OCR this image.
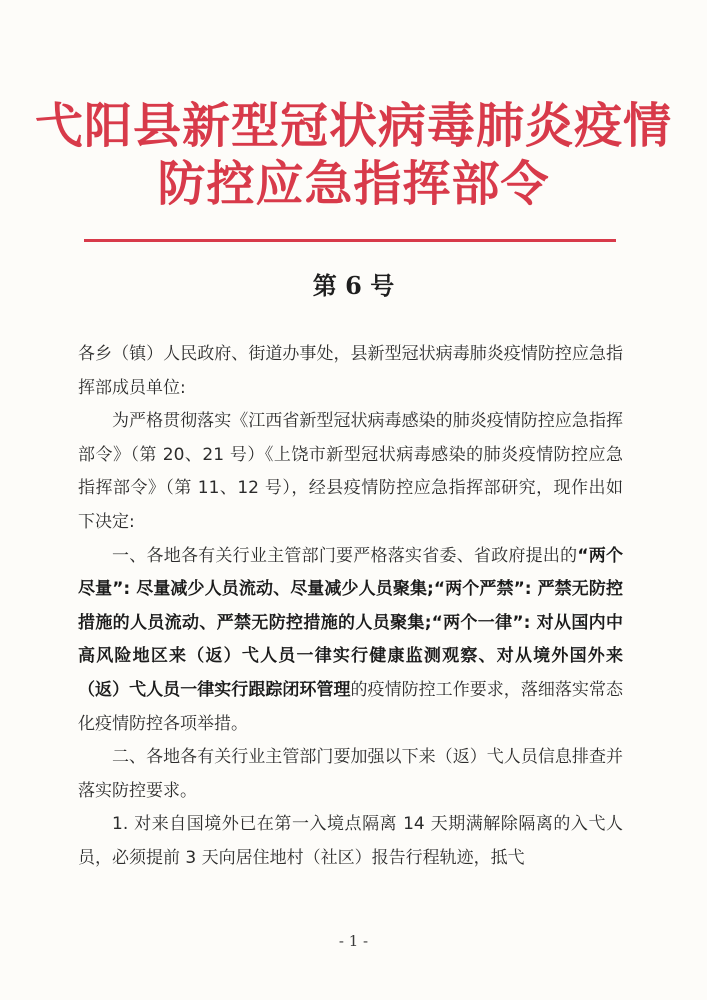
弋阳县新型冠状病毒肺炎疫情
防控应急指挥部令
第 6 号

各乡（镇）人民政府、街道办事处，县新型冠状病毒肺炎疫情防控应急指挥部成员单位:

为严格贯彻落实《江西省新型冠状病毒感染的肺炎疫情防控应急指挥部令》（第 20、21 号）《上饶市新型冠状病毒感染的肺炎疫情防控应急指挥部令》（第 11、12 号），经县疫情防控应急指挥部研究，现作出如下决定:

一、各地各有关行业主管部门要严格落实省委、省政府提出的“两个尽量”: 尽量减少人员流动、尽量减少人员聚集;“两个严禁”: 严禁无防控措施的人员流动、严禁无防控措施的人员聚集;“两个一律”: 对从国内中高风险地区来（返）弋人员一律实行健康监测观察、对从境外国外来（返）弋人员一律实行跟踪闭环管理的疫情防控工作要求，落细落实常态化疫情防控各项举措。

二、各地各有关行业主管部门要加强以下来（返）弋人员信息排查并落实防控要求。

1. 对来自国境外已在第一入境点隔离 14 天期满解除隔离的入弋人员，必须提前 3 天向居住地村（社区）报告行程轨迹，抵弋

- 1 -
